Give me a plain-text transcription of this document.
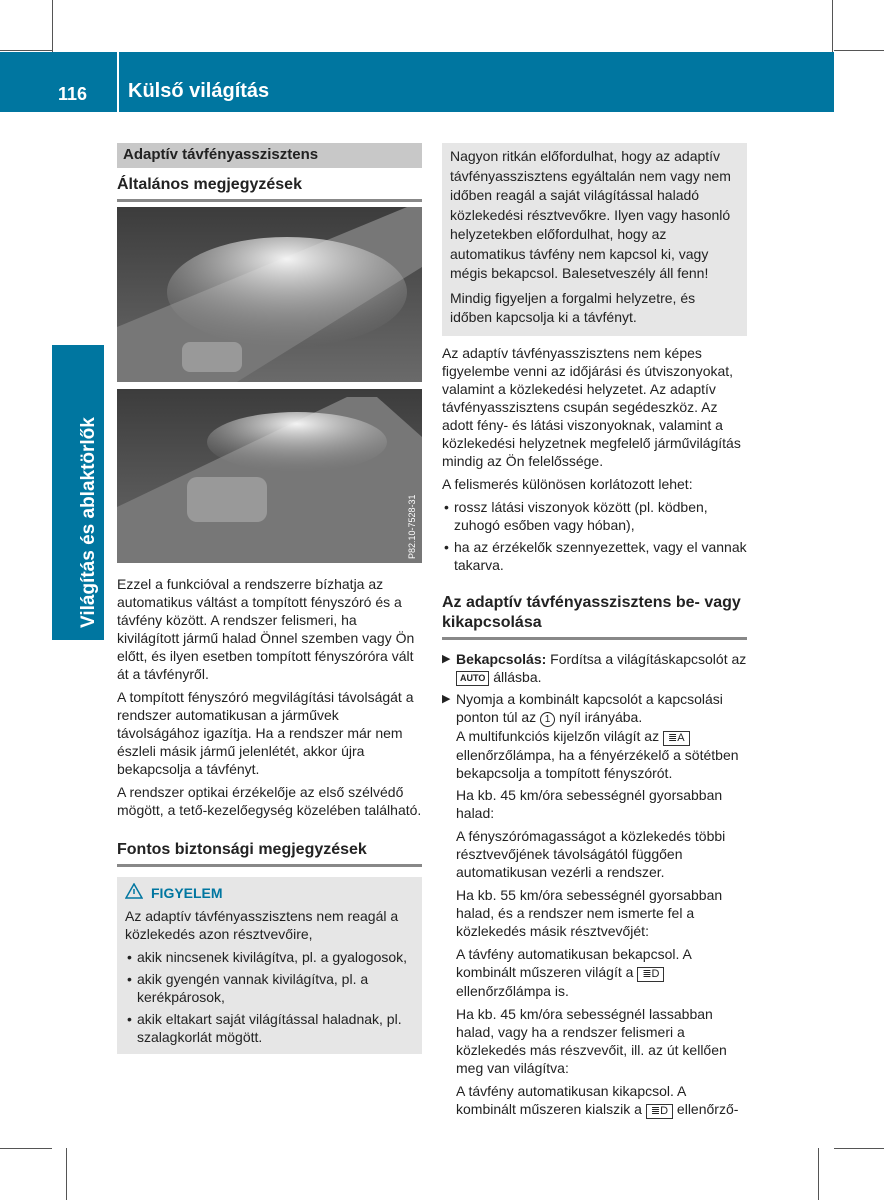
116 Külső világítás
Világítás és ablaktörlők
Adaptív távfényasszisztens
Általános megjegyzések
P82.10-7528-31

Ezzel a funkcióval a rendszerre bízhatja az automatikus váltást a tompított fényszóró és a távfény között. A rendszer felismeri, ha kivilágított jármű halad Önnel szemben vagy Ön előtt, és ilyen esetben tompított fényszóróra vált át a távfényről.

A tompított fényszóró megvilágítási távolságát a rendszer automatikusan a járművek távolságához igazítja. Ha a rendszer már nem észleli másik jármű jelenlétét, akkor újra bekapcsolja a távfényt.

A rendszer optikai érzékelője az első szélvédő mögött, a tető-kezelőegység közelében található.

Fontos biztonsági megjegyzések
FIGYELEM

Az adaptív távfényasszisztens nem reagál a közlekedés azon résztvevőire,

• akik nincsenek kivilágítva, pl. a gyalogosok,
• akik gyengén vannak kivilágítva, pl. a kerékpárosok,
• akik eltakart saját világítással haladnak, pl. szalagkorlát mögött.

Nagyon ritkán előfordulhat, hogy az adaptív távfényasszisztens egyáltalán nem vagy nem időben reagál a saját világítással haladó közlekedési résztvevőkre. Ilyen vagy hasonló helyzetekben előfordulhat, hogy az automatikus távfény nem kapcsol ki, vagy mégis bekapcsol. Balesetveszély áll fenn!

Mindig figyeljen a forgalmi helyzetre, és időben kapcsolja ki a távfényt.

Az adaptív távfényasszisztens nem képes figyelembe venni az időjárási és útviszonyokat, valamint a közlekedési helyzetet. Az adaptív távfényasszisztens csupán segédeszköz. Az adott fény- és látási viszonyoknak, valamint a közlekedési helyzetnek megfelelő járművilágítás mindig az Ön felelőssége.

A felismerés különösen korlátozott lehet:

• rossz látási viszonyok között (pl. ködben, zuhogó esőben vagy hóban),
• ha az érzékelők szennyezettek, vagy el vannak takarva.
Az adaptív távfényasszisztens be- vagy kikapcsolása
▶ Bekapcsolás: Fordítsa a világításkapcsolót az AUTO állásba.
▶ Nyomja a kombinált kapcsolót a kapcsolási ponton túl az 1 nyíl irányába.
A multifunkciós kijelzőn világít az ≣A ellenőrzőlámpa, ha a fényérzékelő a sötétben bekapcsolja a tompított fényszórót.

Ha kb. 45 km/óra sebességnél gyorsabban halad:

A fényszórómagasságot a közlekedés többi résztvevőjének távolságától függően automatikusan vezérli a rendszer.

Ha kb. 55 km/óra sebességnél gyorsabban halad, és a rendszer nem ismerte fel a közlekedés másik résztvevőjét:

A távfény automatikusan bekapcsol. A kombinált műszeren világít a ≣D ellenőrzőlámpa is.

Ha kb. 45 km/óra sebességnél lassabban halad, vagy ha a rendszer felismeri a közlekedés más részvevőit, ill. az út kellően meg van világítva:

A távfény automatikusan kikapcsol. A kombinált műszeren kialszik a ≣D ellenőrző-
